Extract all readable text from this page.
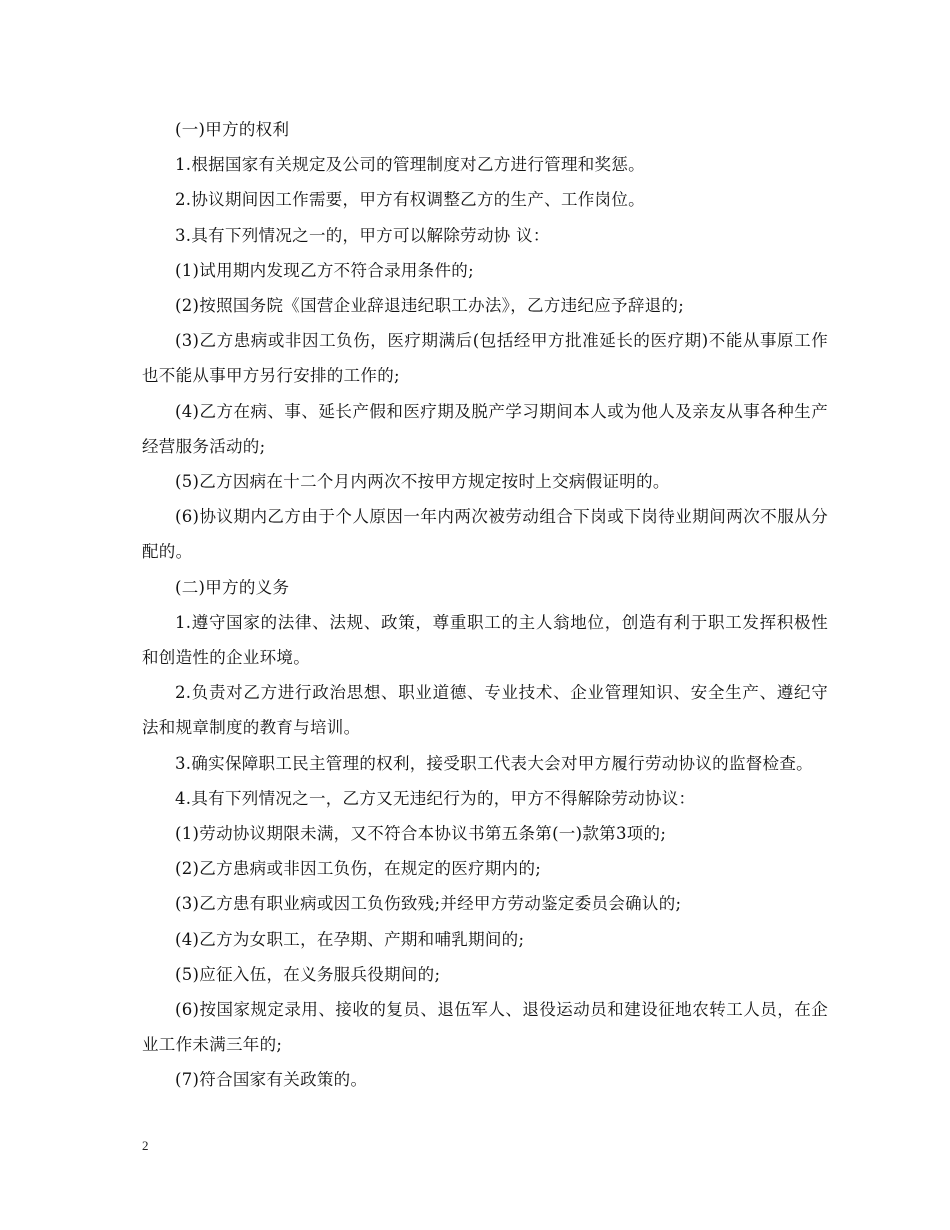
(一)甲方的权利

1.根据国家有关规定及公司的管理制度对乙方进行管理和奖惩。

2.协议期间因工作需要，甲方有权调整乙方的生产、工作岗位。

3.具有下列情况之一的，甲方可以解除劳动协 议：

(1)试用期内发现乙方不符合录用条件的;

(2)按照国务院《国营企业辞退违纪职工办法》，乙方违纪应予辞退的;

(3)乙方患病或非因工负伤，医疗期满后(包括经甲方批准延长的医疗期)不能从事原工作也不能从事甲方另行安排的工作的;

(4)乙方在病、事、延长产假和医疗期及脱产学习期间本人或为他人及亲友从事各种生产经营服务活动的;

(5)乙方因病在十二个月内两次不按甲方规定按时上交病假证明的。

(6)协议期内乙方由于个人原因一年内两次被劳动组合下岗或下岗待业期间两次不服从分配的。

(二)甲方的义务

1.遵守国家的法律、法规、政策，尊重职工的主人翁地位，创造有利于职工发挥积极性和创造性的企业环境。

2.负责对乙方进行政治思想、职业道德、专业技术、企业管理知识、安全生产、遵纪守法和规章制度的教育与培训。

3.确实保障职工民主管理的权利，接受职工代表大会对甲方履行劳动协议的监督检查。

4.具有下列情况之一，乙方又无违纪行为的，甲方不得解除劳动协议：

(1)劳动协议期限未满，又不符合本协议书第五条第(一)款第3项的;

(2)乙方患病或非因工负伤，在规定的医疗期内的;

(3)乙方患有职业病或因工负伤致残;并经甲方劳动鉴定委员会确认的;

(4)乙方为女职工，在孕期、产期和哺乳期间的;

(5)应征入伍，在义务服兵役期间的;

(6)按国家规定录用、接收的复员、退伍军人、退役运动员和建设征地农转工人员，在企业工作未满三年的;

(7)符合国家有关政策的。

2
